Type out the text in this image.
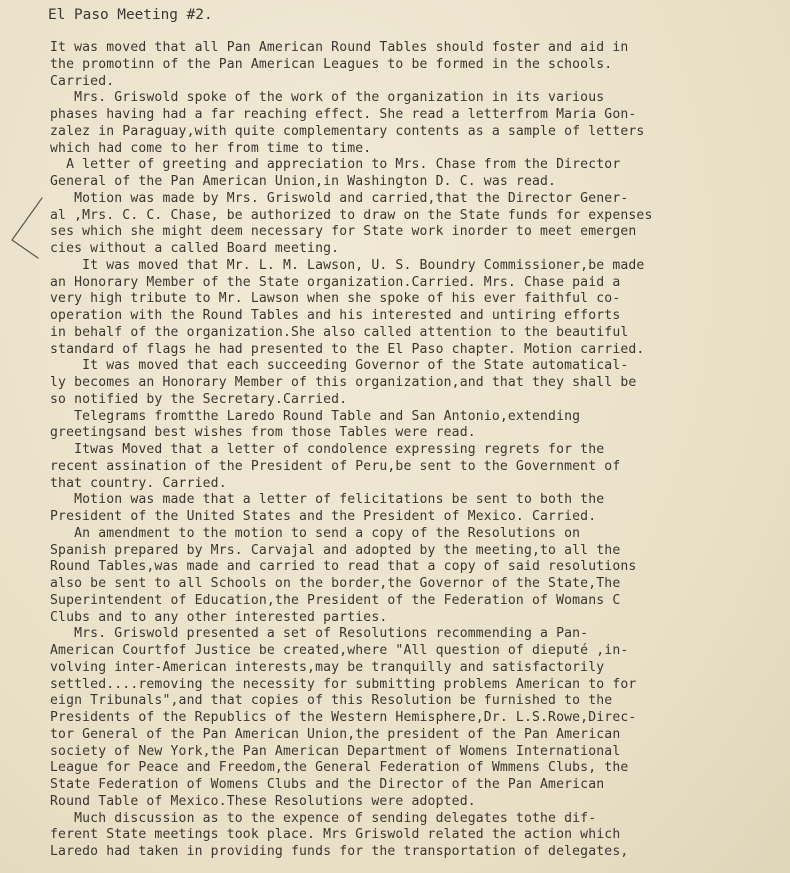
El Paso Meeting #2.
It was moved that all Pan American Round Tables should foster and aid in
the promotinn of the Pan American Leagues to be formed in the schools.
Carried.
Mrs. Griswold spoke of the work of the organization in its various
phases having had a far reaching effect. She read a letterfrom Maria Gon-
zalez in Paraguay,with quite complementary contents as a sample of letters
which had come to her from time to time.
A letter of greeting and appreciation to Mrs. Chase from the Director
General of the Pan American Union,in Washington D. C. was read.
Motion was made by Mrs. Griswold and carried,that the Director Gener-
al ,Mrs. C. C. Chase, be authorized to draw on the State funds for expenses
ses which she might deem necessary for State work inorder to meet emergen
cies without a called Board meeting.
It was moved that Mr. L. M. Lawson, U. S. Boundry Commissioner,be made
an Honorary Member of the State organization.Carried. Mrs. Chase paid a
very high tribute to Mr. Lawson when she spoke of his ever faithful co-
operation with the Round Tables and his interested and untiring efforts
in behalf of the organization.She also called attention to the beautiful
standard of flags he had presented to the El Paso chapter. Motion carried.
It was moved that each succeeding Governor of the State automatical-
ly becomes an Honorary Member of this organization,and that they shall be
so notified by the Secretary.Carried.
Telegrams fromtthe Laredo Round Table and San Antonio,extending
greetingsand best wishes from those Tables were read.
Itwas Moved that a letter of condolence expressing regrets for the
recent assination of the President of Peru,be sent to the Government of
that country. Carried.
Motion was made that a letter of felicitations be sent to both the
President of the United States and the President of Mexico. Carried.
An amendment to the motion to send a copy of the Resolutions on
Spanish prepared by Mrs. Carvajal and adopted by the meeting,to all the
Round Tables,was made and carried to read that a copy of said resolutions
also be sent to all Schools on the border,the Governor of the State,The
Superintendent of Education,the President of the Federation of Womans C
Clubs and to any other interested parties.
Mrs. Griswold presented a set of Resolutions recommending a Pan-
American Courtfof Justice be created,where "All question of dieputé ,in-
volving inter-American interests,may be tranquilly and satisfactorily
settled....removing the necessity for submitting problems American to for
eign Tribunals",and that copies of this Resolution be furnished to the
Presidents of the Republics of the Western Hemisphere,Dr. L.S.Rowe,Direc-
tor General of the Pan American Union,the president of the Pan American
society of New York,the Pan American Department of Womens International
League for Peace and Freedom,the General Federation of Wmmens Clubs, the
State Federation of Womens Clubs and the Director of the Pan American
Round Table of Mexico.These Resolutions were adopted.
Much discussion as to the expence of sending delegates tothe dif-
ferent State meetings took place. Mrs Griswold related the action which
Laredo had taken in providing funds for the transportation of delegates,
